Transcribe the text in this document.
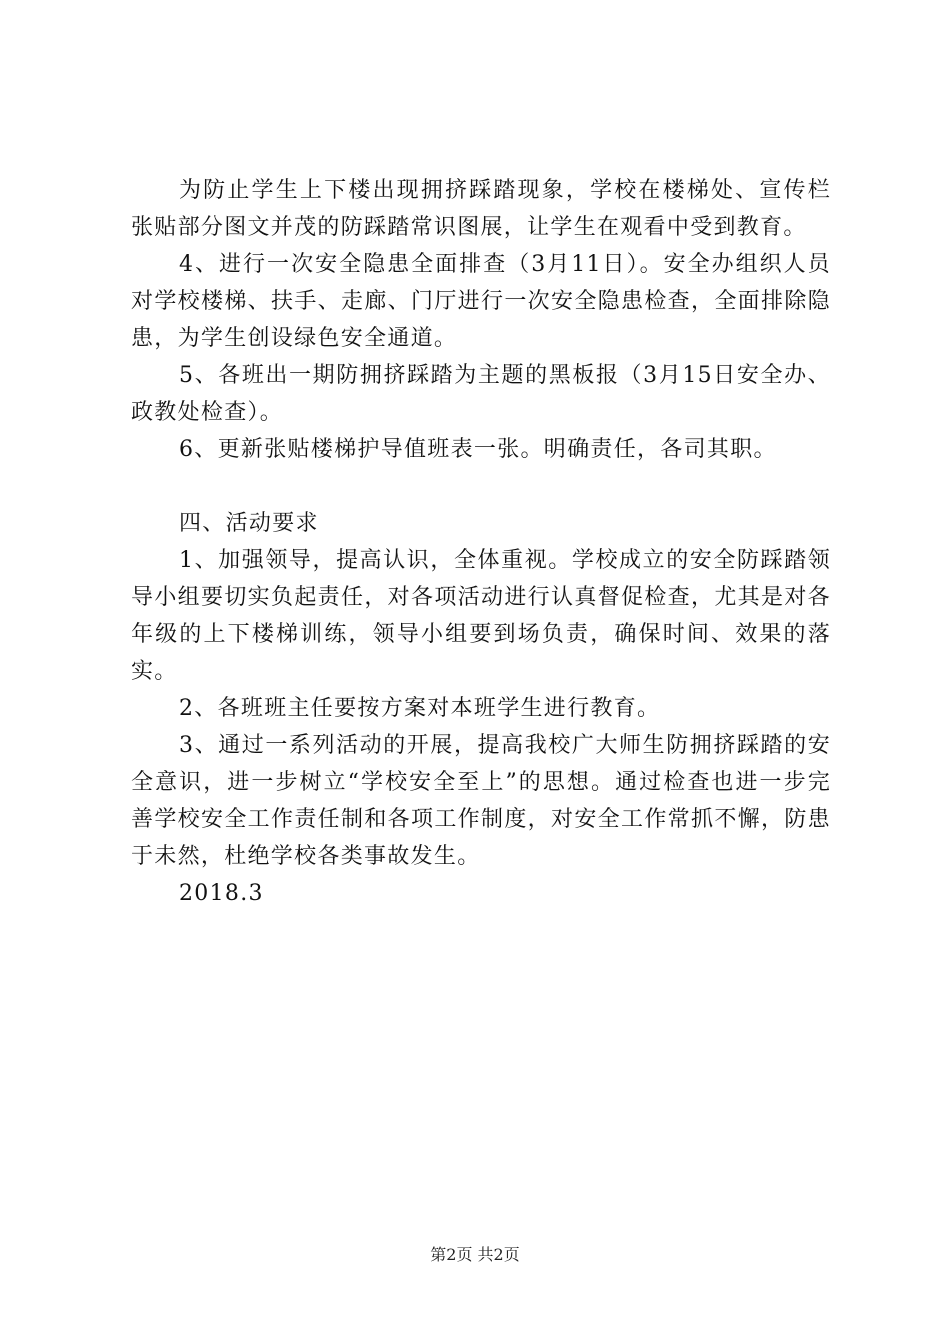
为防止学生上下楼出现拥挤踩踏现象，学校在楼梯处、宣传栏张贴部分图文并茂的防踩踏常识图展，让学生在观看中受到教育。

4、进行一次安全隐患全面排查（3月11日）。安全办组织人员对学校楼梯、扶手、走廊、门厅进行一次安全隐患检查，全面排除隐患，为学生创设绿色安全通道。

5、各班出一期防拥挤踩踏为主题的黑板报（3月15日安全办、政教处检查）。

6、更新张贴楼梯护导值班表一张。明确责任，各司其职。

四、活动要求

1、加强领导，提高认识，全体重视。学校成立的安全防踩踏领导小组要切实负起责任，对各项活动进行认真督促检查，尤其是对各年级的上下楼梯训练，领导小组要到场负责，确保时间、效果的落实。

2、各班班主任要按方案对本班学生进行教育。

3、通过一系列活动的开展，提高我校广大师生防拥挤踩踏的安全意识，进一步树立“学校安全至上”的思想。通过检查也进一步完善学校安全工作责任制和各项工作制度，对安全工作常抓不懈，防患于未然，杜绝学校各类事故发生。

2018.3

第2页 共2页
